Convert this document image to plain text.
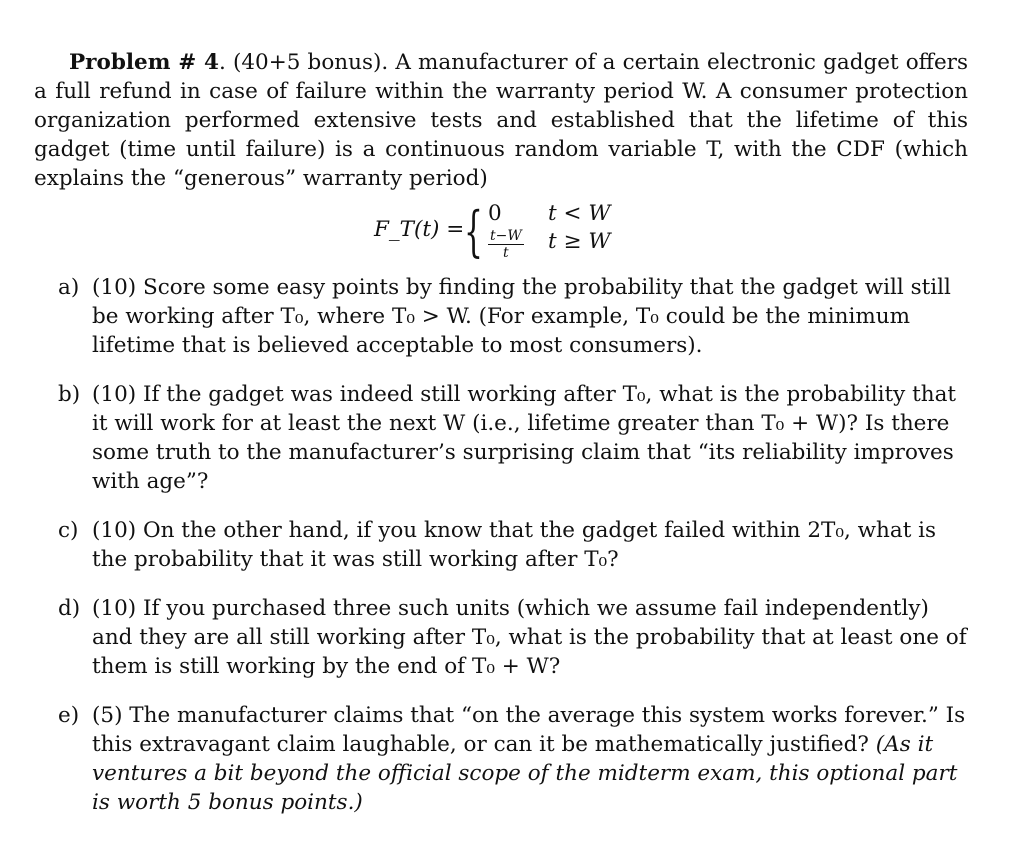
Problem # 4. (40+5 bonus). A manufacturer of a certain electronic gadget offers a full refund in case of failure within the warranty period W. A consumer protection organization performed extensive tests and established that the lifetime of this gadget (time until failure) is a continuous random variable T, with the CDF (which explains the “generous” warranty period)

F_T(t) = { 0
$\frac{t-W}{t}$
t < W
t ≥ W
a) (10) Score some easy points by finding the probability that the gadget will still be working after T₀, where T₀ > W. (For example, T₀ could be the minimum lifetime that is believed acceptable to most consumers).
b) (10) If the gadget was indeed still working after T₀, what is the probability that it will work for at least the next W (i.e., lifetime greater than T₀ + W)? Is there some truth to the manufacturer’s surprising claim that “its reliability improves with age”?
c) (10) On the other hand, if you know that the gadget failed within 2T₀, what is the probability that it was still working after T₀?
d) (10) If you purchased three such units (which we assume fail independently) and they are all still working after T₀, what is the probability that at least one of them is still working by the end of T₀ + W?
e) (5) The manufacturer claims that “on the average this system works forever.” Is this extravagant claim laughable, or can it be mathematically justified? (As it ventures a bit beyond the official scope of the midterm exam, this optional part is worth 5 bonus points.)
